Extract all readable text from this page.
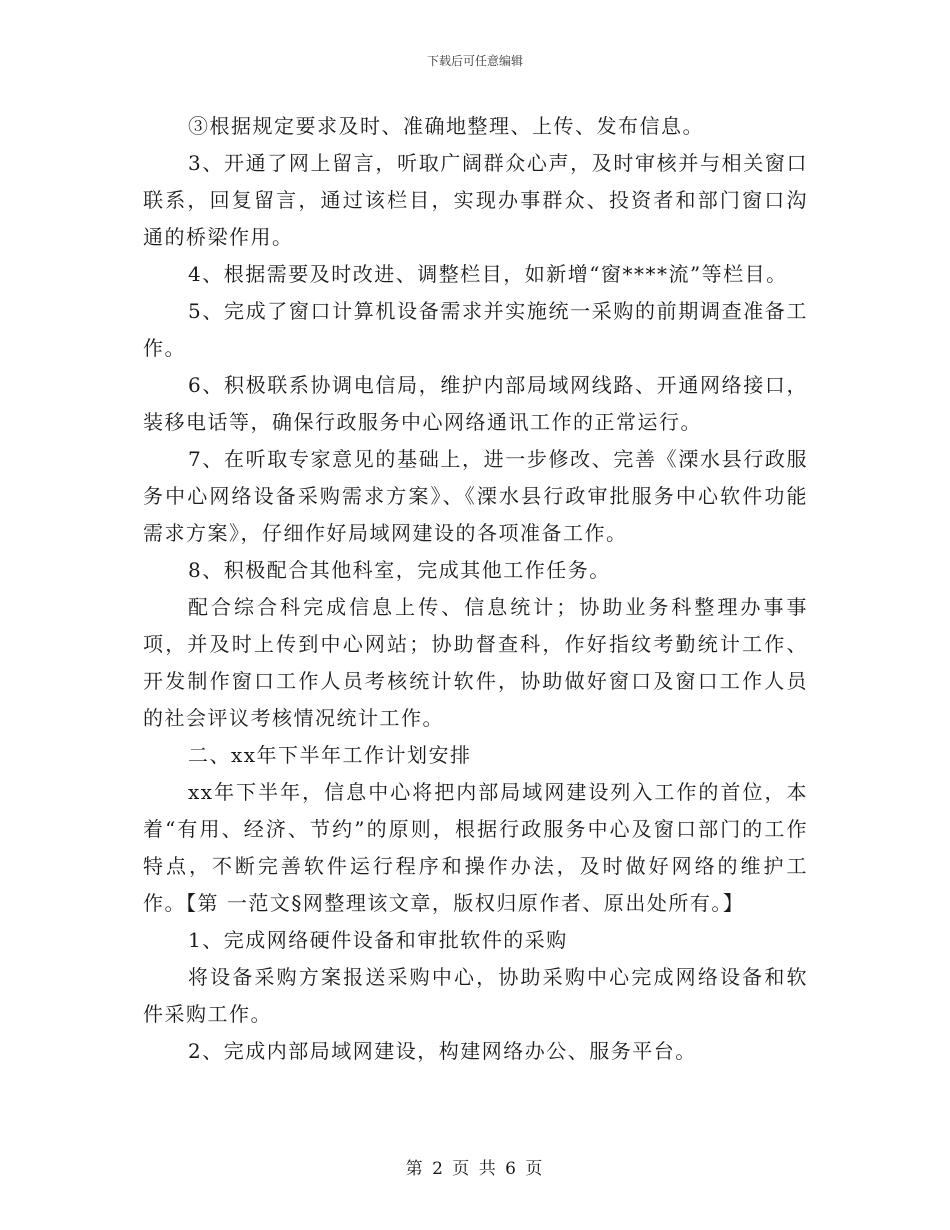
下载后可任意编辑

③根据规定要求及时、准确地整理、上传、发布信息。

3、开通了网上留言，听取广阔群众心声，及时审核并与相关窗口联系，回复留言，通过该栏目，实现办事群众、投资者和部门窗口沟通的桥梁作用。

4、根据需要及时改进、调整栏目，如新增“窗****流”等栏目。

5、完成了窗口计算机设备需求并实施统一采购的前期调查准备工作。

6、积极联系协调电信局，维护内部局域网线路、开通网络接口，装移电话等，确保行政服务中心网络通讯工作的正常运行。

7、在听取专家意见的基础上，进一步修改、完善《溧水县行政服务中心网络设备采购需求方案》、《溧水县行政审批服务中心软件功能需求方案》，仔细作好局域网建设的各项准备工作。

8、积极配合其他科室，完成其他工作任务。

配合综合科完成信息上传、信息统计；协助业务科整理办事事项，并及时上传到中心网站；协助督查科，作好指纹考勤统计工作、开发制作窗口工作人员考核统计软件，协助做好窗口及窗口工作人员的社会评议考核情况统计工作。

二、xx年下半年工作计划安排

xx年下半年，信息中心将把内部局域网建设列入工作的首位，本着“有用、经济、节约”的原则，根据行政服务中心及窗口部门的工作特点，不断完善软件运行程序和操作办法，及时做好网络的维护工作。【第 一范文§网整理该文章，版权归原作者、原出处所有。】

1、完成网络硬件设备和审批软件的采购

将设备采购方案报送采购中心，协助采购中心完成网络设备和软件采购工作。

2、完成内部局域网建设，构建网络办公、服务平台。

第 2 页 共 6 页
